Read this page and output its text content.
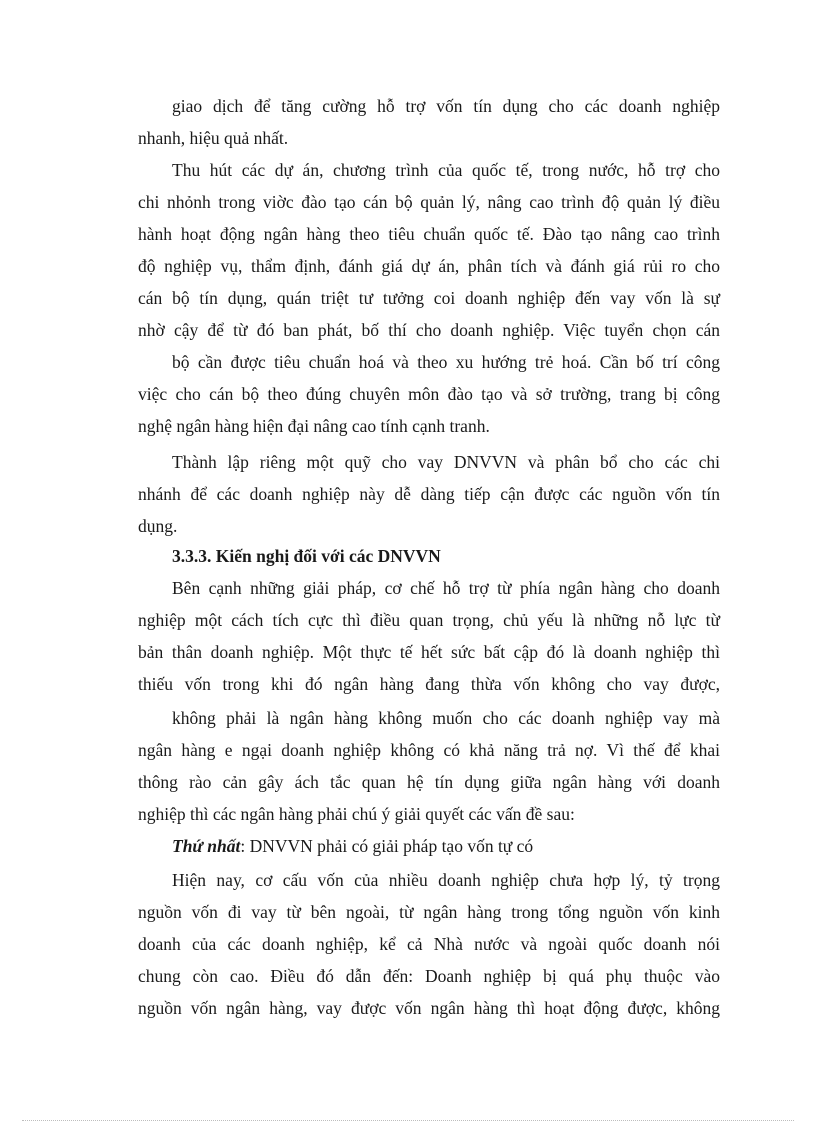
giao dịch để tăng cường hỗ trợ vốn tín dụng cho các doanh nghiệp

nhanh, hiệu quả nhất.

Thu hút các dự án, chương trình của quốc tế, trong nước, hỗ trợ cho

chi nhỏnh trong viờc đào tạo cán bộ quản lý, nâng cao trình độ quản lý điều

hành hoạt động ngân hàng theo tiêu chuẩn quốc tế. Đào tạo nâng cao trình

độ nghiệp vụ, thẩm định, đánh giá dự án, phân tích và đánh giá rủi ro cho

cán bộ tín dụng, quán triệt tư tưởng coi doanh nghiệp đến vay vốn là sự

nhờ cậy để từ đó ban phát, bố thí cho doanh nghiệp. Việc tuyển chọn cán

bộ cần được tiêu chuẩn hoá và theo xu hướng trẻ hoá. Cần bố trí công

việc cho cán bộ theo đúng chuyên môn đào tạo và sở trường, trang bị công

nghệ ngân hàng hiện đại nâng cao tính cạnh tranh.

Thành lập riêng một quỹ cho vay DNVVN và phân bổ cho các chi

nhánh để các doanh nghiệp này dễ dàng tiếp cận được các nguồn vốn tín

dụng.

3.3.3. Kiến nghị đối với các DNVVN

Bên cạnh những giải pháp, cơ chế hỗ trợ từ phía ngân hàng cho doanh

nghiệp một cách tích cực thì điều quan trọng, chủ yếu là những nỗ lực từ

bản thân doanh nghiệp. Một thực tế hết sức bất cập đó là doanh nghiệp thì

thiếu vốn trong khi đó ngân hàng đang thừa vốn không cho vay được,

không phải là ngân hàng không muốn cho các doanh nghiệp vay mà

ngân hàng e ngại doanh nghiệp không có khả năng trả nợ. Vì thế để khai

thông rào cản gây ách tắc quan hệ tín dụng giữa ngân hàng với doanh

nghiệp thì các ngân hàng phải chú ý giải quyết các vấn đề sau:

Thứ nhất: DNVVN phải có giải pháp tạo vốn tự có

Hiện nay, cơ cấu vốn của nhiều doanh nghiệp chưa hợp lý, tỷ trọng

nguồn vốn đi vay từ bên ngoài, từ ngân hàng trong tổng nguồn vốn kinh

doanh của các doanh nghiệp, kể cả Nhà nước và ngoài quốc doanh nói

chung còn cao. Điều đó dẫn đến: Doanh nghiệp bị quá phụ thuộc vào

nguồn vốn ngân hàng, vay được vốn ngân hàng thì hoạt động được, không
